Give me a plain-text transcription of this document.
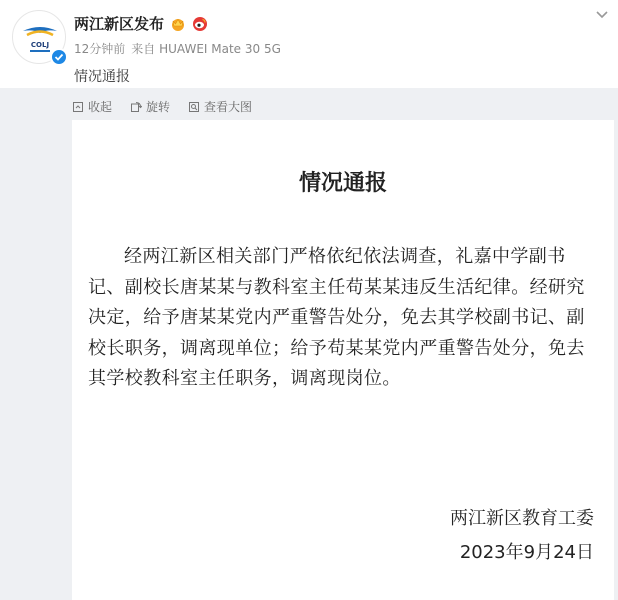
COLJ
两江新区发布
12分钟前 来自 HUAWEI Mate 30 5G
情况通报
收起	旋转	查看大图
情况通报
经两江新区相关部门严格依纪依法调查，礼嘉中学副书记、副校长唐某某与教科室主任苟某某违反生活纪律。经研究决定，给予唐某某党内严重警告处分，免去其学校副书记、副校长职务，调离现单位；给予苟某某党内严重警告处分，免去其学校教科室主任职务，调离现岗位。
两江新区教育工委
2023年9月24日
